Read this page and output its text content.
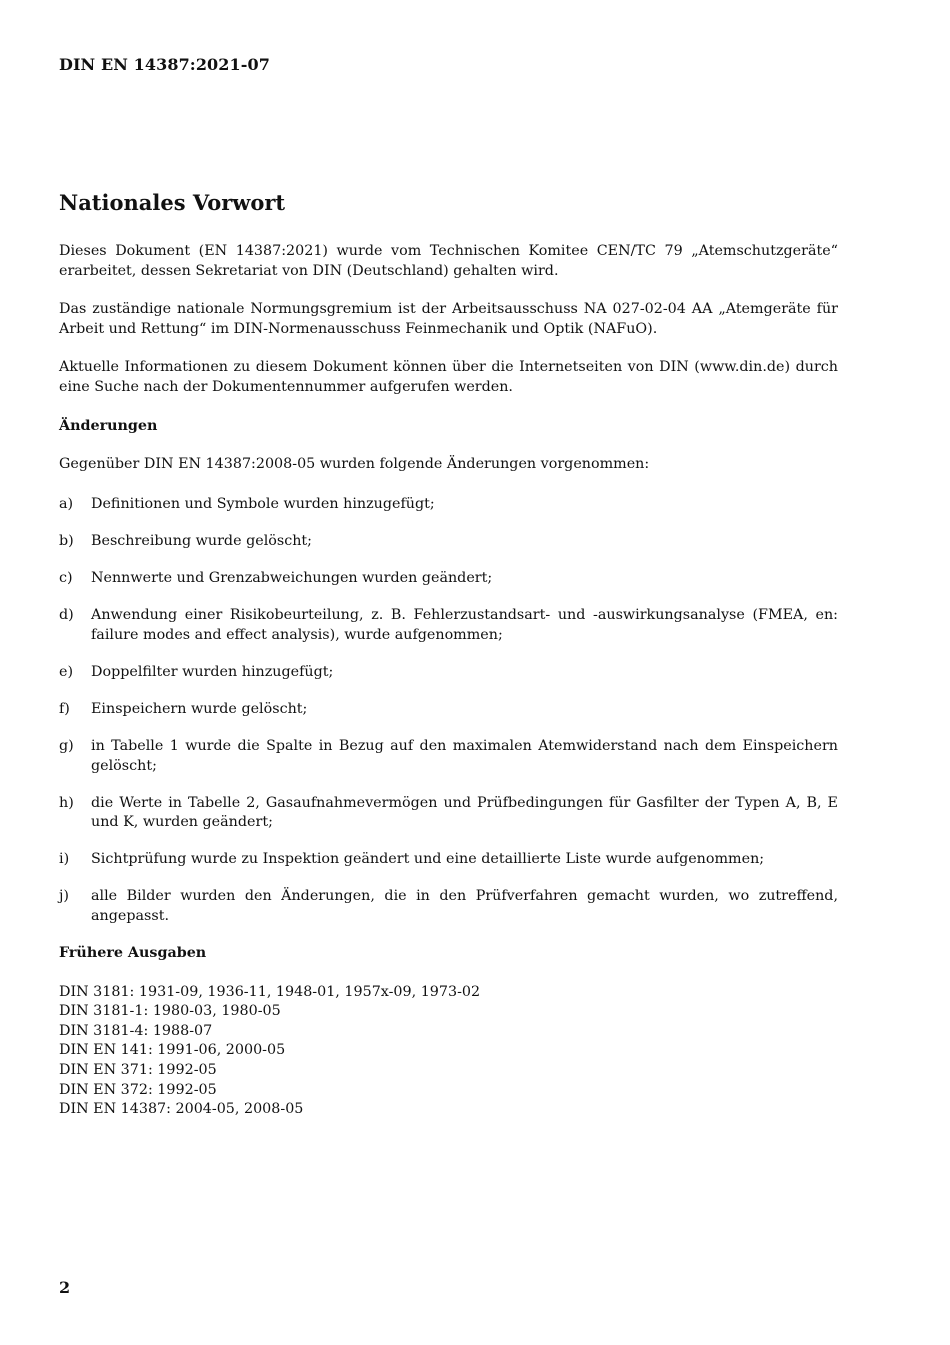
DIN EN 14387:2021-07
Nationales Vorwort

Dieses Dokument (EN 14387:2021) wurde vom Technischen Komitee CEN/TC 79 „Atemschutzgeräte“ erarbeitet, dessen Sekretariat von DIN (Deutschland) gehalten wird.

Das zuständige nationale Normungsgremium ist der Arbeitsausschuss NA 027-02-04 AA „Atemgeräte für Arbeit und Rettung“ im DIN-Normenausschuss Feinmechanik und Optik (NAFuO).

Aktuelle Informationen zu diesem Dokument können über die Internetseiten von DIN (www.din.de) durch eine Suche nach der Dokumentennummer aufgerufen werden.

Änderungen

Gegenüber DIN EN 14387:2008-05 wurden folgende Änderungen vorgenommen:

a)	Definitionen und Symbole wurden hinzugefügt;
b)	Beschreibung wurde gelöscht;
c)	Nennwerte und Grenzabweichungen wurden geändert;
d)	Anwendung einer Risikobeurteilung, z. B. Fehlerzustandsart- und -auswirkungsanalyse (FMEA, en: failure modes and effect analysis), wurde aufgenommen;
e)	Doppelfilter wurden hinzugefügt;
f)	Einspeichern wurde gelöscht;
g)	in Tabelle 1 wurde die Spalte in Bezug auf den maximalen Atemwiderstand nach dem Einspeichern gelöscht;
h)	die Werte in Tabelle 2, Gasaufnahmevermögen und Prüfbedingungen für Gasfilter der Typen A, B, E und K, wurden geändert;
i)	Sichtprüfung wurde zu Inspektion geändert und eine detaillierte Liste wurde aufgenommen;
j)	alle Bilder wurden den Änderungen, die in den Prüfverfahren gemacht wurden, wo zutreffend, angepasst.
Frühere Ausgaben
DIN 3181: 1931-09, 1936-11, 1948-01, 1957x-09, 1973-02
DIN 3181-1: 1980-03, 1980-05
DIN 3181-4: 1988-07
DIN EN 141: 1991-06, 2000-05
DIN EN 371: 1992-05
DIN EN 372: 1992-05
DIN EN 14387: 2004-05, 2008-05
2
